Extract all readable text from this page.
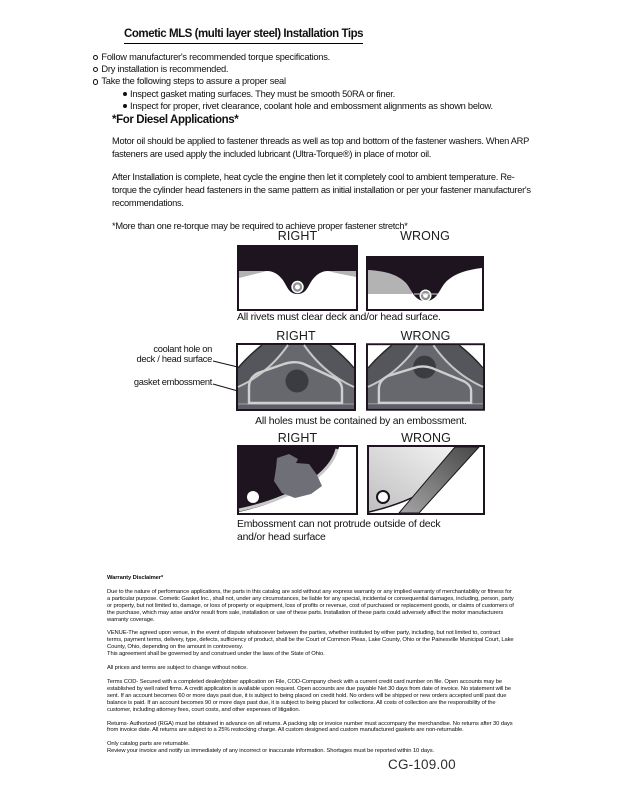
Cometic MLS (multi layer steel) Installation Tips
Follow manufacturer's recommended torque specifications.
Dry installation is recommended.
Take the following steps to assure a proper seal
Inspect gasket mating surfaces. They must be smooth 50RA or finer.
Inspect for proper, rivet clearance, coolant hole and embossment alignments as shown below.
*For Diesel Applications*

Motor oil should be applied to fastener threads as well as top and bottom of the fastener washers. When ARP fasteners are used apply the included lubricant (Ultra-Torque®) in place of motor oil.

After Installation is complete, heat cycle the engine then let it completely cool to ambient temperature. Re-torque the cylinder head fasteners in the same pattern as initial installation or per your fastener manufacturer's recommendations.

*More than one re-torque may be required to achieve proper fastener stretch*

RIGHT	WRONG
All rivets must clear deck and/or head surface.
RIGHT	WRONG
coolant hole on
deck / head surface
gasket embossment
All holes must be contained by an embossment.
RIGHT	WRONG
Embossment can not protrude outside of deck and/or head surface

Warranty Disclaimer*

Due to the nature of performance applications, the parts in this catalog are sold without any express warranty or any implied warranty of merchantability or fitness for a particular purpose. Cometic Gasket Inc., shall not, under any circumstances, be liable for any special, incidental or consequential damages, including, person, party or property, but not limited to, damage, or loss of property or equipment, loss of profits or revenue, cost of purchased or replacement goods, or claims of customers of the purchase, which may arise and/or result from sale, installation or use of these parts. Installation of these parts could adversely affect the motor manufacturers warranty coverage.

VENUE-The agreed upon venue, in the event of dispute whatsoever between the parties, whether instituted by either party, including, but not limited to, contract terms, payment terms, delivery, type, defects, sufficiency of product, shall be the Court of Common Pleas, Lake County, Ohio or the Painesville Municipal Court, Lake County, Ohio, depending on the amount in controversy.

This agreement shall be governed by and construed under the laws of the State of Ohio.

All prices and terms are subject to change without notice.

Terms COD- Secured with a completed dealer/jobber application on File, COD-Company check with a current credit card number on file. Open accounts may be established by well rated firms. A credit application is available upon request. Open accounts are due payable Net 30 days from date of invoice. No statement will be sent. If an account becomes 60 or more days past due, it is subject to being placed on credit hold. No orders will be shipped or new orders accepted until past due balance is paid. If an account becomes 90 or more days past due, it is subject to being placed for collections. All costs of collection are the responsibility of the customer, including attorney fees, court costs, and other expenses of litigation.

Returns- Authorized (RGA) must be obtained in advance on all returns. A packing slip or invoice number must accompany the merchandise. No returns after 30 days from invoice date. All returns are subject to a 25% restocking charge. All custom designed and custom manufactured gaskets are non-returnable.

Only catalog parts are returnable.

Review your invoice and notify us immediately of any incorrect or inaccurate information. Shortages must be reported within 10 days.

CG-109.00
